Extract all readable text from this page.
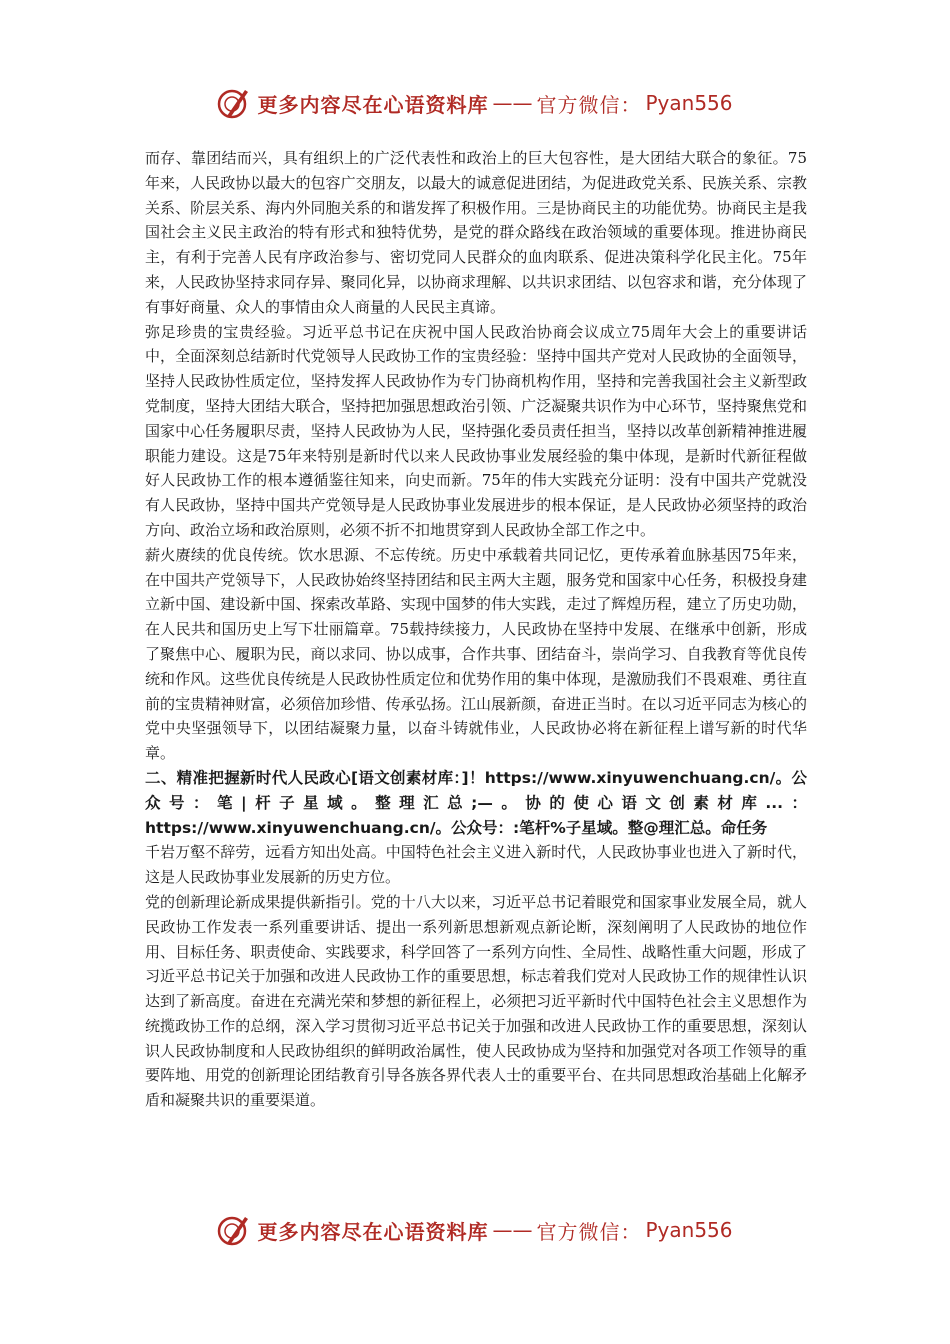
更多内容尽在心语资料库 —— 官方微信： Pyan556

而存、靠团结而兴，具有组织上的广泛代表性和政治上的巨大包容性，是大团结大联合的象征。75年来，人民政协以最大的包容广交朋友，以最大的诚意促进团结，为促进政党关系、民族关系、宗教关系、阶层关系、海内外同胞关系的和谐发挥了积极作用。三是协商民主的功能优势。协商民主是我国社会主义民主政治的特有形式和独特优势，是党的群众路线在政治领域的重要体现。推进协商民主，有利于完善人民有序政治参与、密切党同人民群众的血肉联系、促进决策科学化民主化。75年来，人民政协坚持求同存异、聚同化异，以协商求理解、以共识求团结、以包容求和谐，充分体现了有事好商量、众人的事情由众人商量的人民民主真谛。

弥足珍贵的宝贵经验。习近平总书记在庆祝中国人民政治协商会议成立75周年大会上的重要讲话中，全面深刻总结新时代党领导人民政协工作的宝贵经验：坚持中国共产党对人民政协的全面领导，坚持人民政协性质定位，坚持发挥人民政协作为专门协商机构作用，坚持和完善我国社会主义新型政党制度，坚持大团结大联合，坚持把加强思想政治引领、广泛凝聚共识作为中心环节，坚持聚焦党和国家中心任务履职尽责，坚持人民政协为人民，坚持强化委员责任担当，坚持以改革创新精神推进履职能力建设。这是75年来特别是新时代以来人民政协事业发展经验的集中体现，是新时代新征程做好人民政协工作的根本遵循鉴往知来，向史而新。75年的伟大实践充分证明：没有中国共产党就没有人民政协，坚持中国共产党领导是人民政协事业发展进步的根本保证，是人民政协必须坚持的政治方向、政治立场和政治原则，必须不折不扣地贯穿到人民政协全部工作之中。

薪火赓续的优良传统。饮水思源、不忘传统。历史中承载着共同记忆，更传承着血脉基因75年来，在中国共产党领导下，人民政协始终坚持团结和民主两大主题，服务党和国家中心任务，积极投身建立新中国、建设新中国、探索改革路、实现中国梦的伟大实践，走过了辉煌历程，建立了历史功勋，在人民共和国历史上写下壮丽篇章。75载持续接力，人民政协在坚持中发展、在继承中创新，形成了聚焦中心、履职为民，商以求同、协以成事，合作共事、团结奋斗，崇尚学习、自我教育等优良传统和作风。这些优良传统是人民政协性质定位和优势作用的集中体现，是激励我们不畏艰难、勇往直前的宝贵精神财富，必须倍加珍惜、传承弘扬。江山展新颜，奋进正当时。在以习近平同志为核心的党中央坚强领导下，以团结凝聚力量，以奋斗铸就伟业，人民政协必将在新征程上谱写新的时代华章。

二、精准把握新时代人民政心[语文创素材库：]！https://www.xinyuwenchuang.cn/。公众号：笔|杆子星域。整理汇总;—。协的使心语文创素材库...：https://www.xinyuwenchuang.cn/。公众号：:笔杆%子星域。整@理汇总。命任务

千岩万壑不辞劳，远看方知出处高。中国特色社会主义进入新时代，人民政协事业也进入了新时代，这是人民政协事业发展新的历史方位。

党的创新理论新成果提供新指引。党的十八大以来，习近平总书记着眼党和国家事业发展全局，就人民政协工作发表一系列重要讲话、提出一系列新思想新观点新论断，深刻阐明了人民政协的地位作用、目标任务、职责使命、实践要求，科学回答了一系列方向性、全局性、战略性重大问题，形成了习近平总书记关于加强和改进人民政协工作的重要思想，标志着我们党对人民政协工作的规律性认识达到了新高度。奋进在充满光荣和梦想的新征程上，必须把习近平新时代中国特色社会主义思想作为统揽政协工作的总纲，深入学习贯彻习近平总书记关于加强和改进人民政协工作的重要思想，深刻认识人民政协制度和人民政协组织的鲜明政治属性，使人民政协成为坚持和加强党对各项工作领导的重要阵地、用党的创新理论团结教育引导各族各界代表人士的重要平台、在共同思想政治基础上化解矛盾和凝聚共识的重要渠道。

更多内容尽在心语资料库 —— 官方微信： Pyan556
